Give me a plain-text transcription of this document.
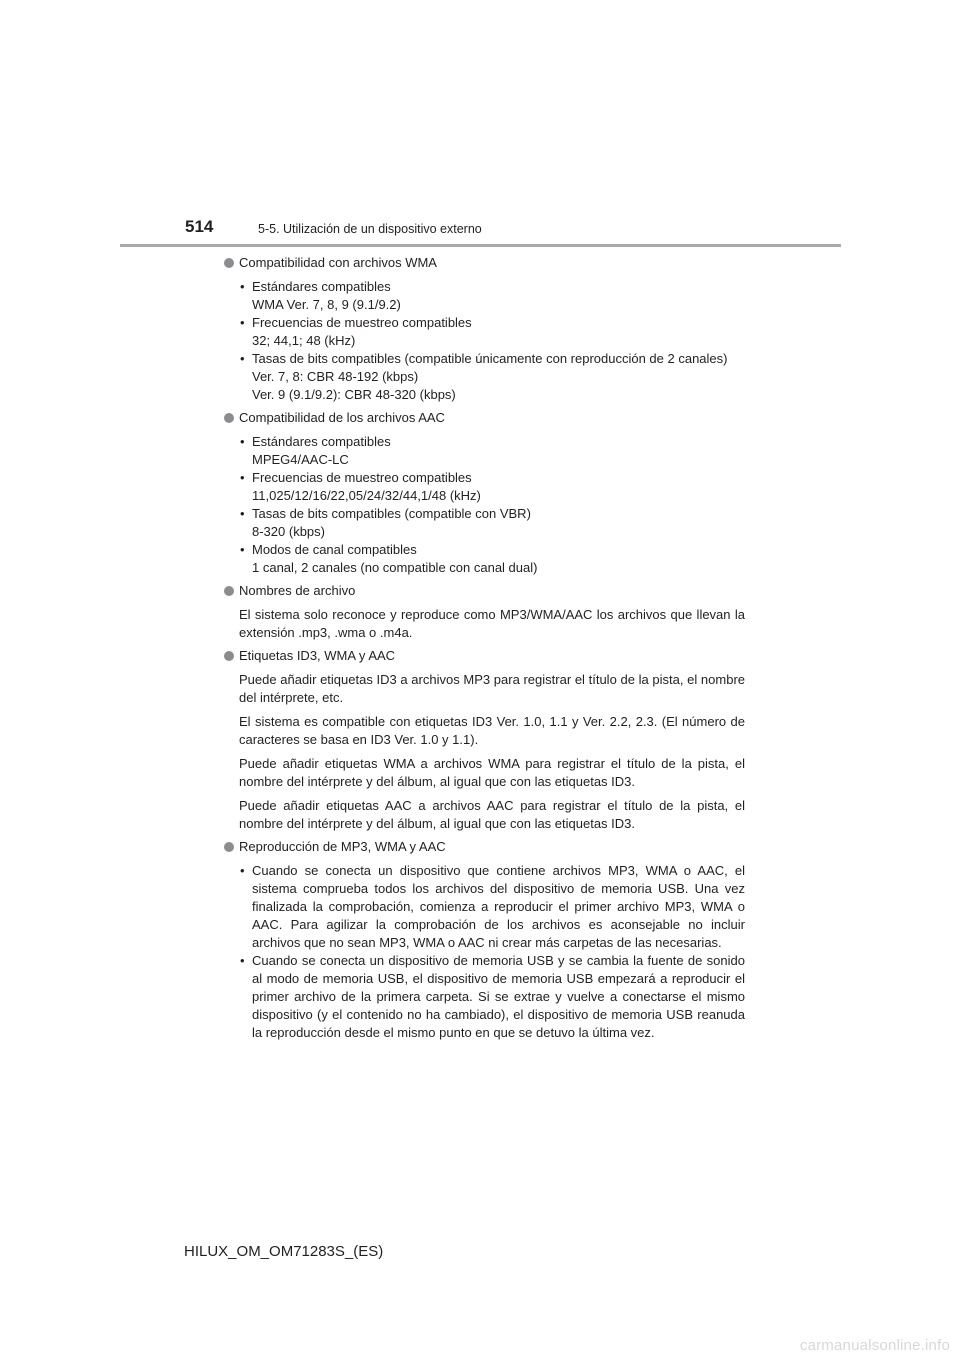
514	5-5. Utilización de un dispositivo externo

Compatibilidad con archivos WMA

• Estándares compatibles
WMA Ver. 7, 8, 9 (9.1/9.2)
• Frecuencias de muestreo compatibles
32; 44,1; 48 (kHz)
• Tasas de bits compatibles (compatible únicamente con reproducción de 2 canales)
Ver. 7, 8: CBR 48-192 (kbps)
Ver. 9 (9.1/9.2): CBR 48-320 (kbps)

Compatibilidad de los archivos AAC

• Estándares compatibles
MPEG4/AAC-LC
• Frecuencias de muestreo compatibles
11,025/12/16/22,05/24/32/44,1/48 (kHz)
• Tasas de bits compatibles (compatible con VBR)
8-320 (kbps)
• Modos de canal compatibles
1 canal, 2 canales (no compatible con canal dual)

Nombres de archivo

El sistema solo reconoce y reproduce como MP3/WMA/AAC los archivos que llevan la extensión .mp3, .wma o .m4a.

Etiquetas ID3, WMA y AAC

Puede añadir etiquetas ID3 a archivos MP3 para registrar el título de la pista, el nombre del intérprete, etc.

El sistema es compatible con etiquetas ID3 Ver. 1.0, 1.1 y Ver. 2.2, 2.3. (El número de caracteres se basa en ID3 Ver. 1.0 y 1.1).

Puede añadir etiquetas WMA a archivos WMA para registrar el título de la pista, el nombre del intérprete y del álbum, al igual que con las etiquetas ID3.

Puede añadir etiquetas AAC a archivos AAC para registrar el título de la pista, el nombre del intérprete y del álbum, al igual que con las etiquetas ID3.

Reproducción de MP3, WMA y AAC

• Cuando se conecta un dispositivo que contiene archivos MP3, WMA o AAC, el sistema comprueba todos los archivos del dispositivo de memoria USB. Una vez finalizada la comprobación, comienza a reproducir el primer archivo MP3, WMA o AAC. Para agilizar la comprobación de los archivos es aconsejable no incluir archivos que no sean MP3, WMA o AAC ni crear más carpetas de las necesarias.
• Cuando se conecta un dispositivo de memoria USB y se cambia la fuente de sonido al modo de memoria USB, el dispositivo de memoria USB empezará a reproducir el primer archivo de la primera carpeta. Si se extrae y vuelve a conectarse el mismo dispositivo (y el contenido no ha cambiado), el dispositivo de memoria USB reanuda la reproducción desde el mismo punto en que se detuvo la última vez.
HILUX_OM_OM71283S_(ES)
carmanualsonline.info
